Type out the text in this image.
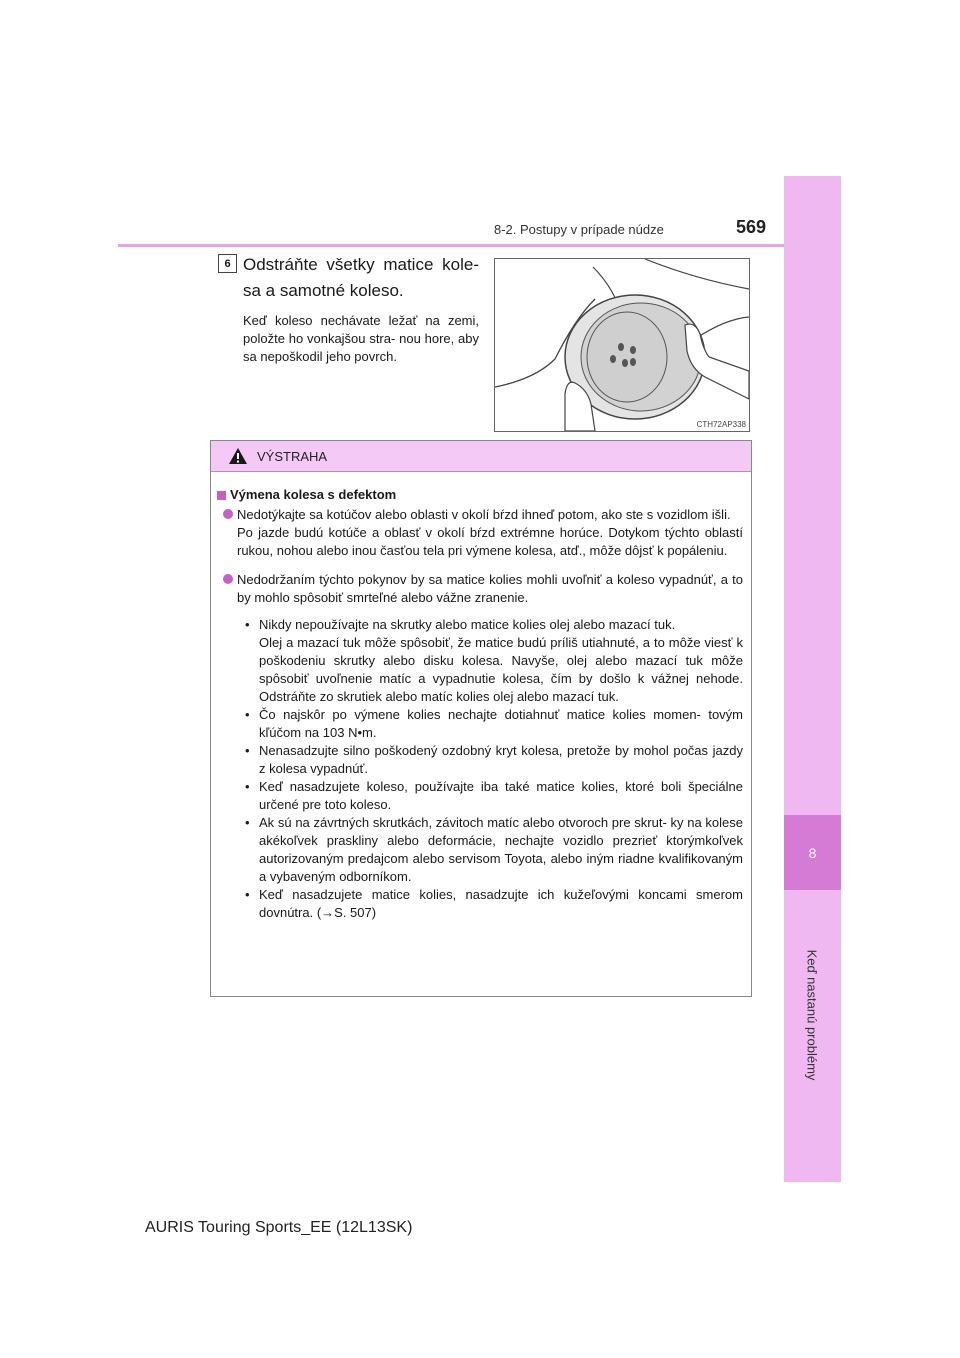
8
Keď nastanú problémy
8-2. Postupy v prípade núdze	569
6 Odstráňte všetky matice kole-
sa a samotné koleso.
Keď koleso nechávate ležať na zemi, položte ho vonkajšou stra- nou hore, aby sa nepoškodil jeho povrch.
CTH72AP338
VÝSTRAHA
Výmena kolesa s defektom
Nedotýkajte sa kotúčov alebo oblasti v okolí bŕzd ihneď potom, ako ste s vozidlom išli.
Po jazde budú kotúče a oblasť v okolí bŕzd extrémne horúce. Dotykom týchto oblastí rukou, nohou alebo inou časťou tela pri výmene kolesa, atď., môže dôjsť k popáleniu.
Nedodržaním týchto pokynov by sa matice kolies mohli uvoľniť a koleso vypadnúť, a to by mohlo spôsobiť smrteľné alebo vážne zranenie.
• Nikdy nepoužívajte na skrutky alebo matice kolies olej alebo mazací tuk.
Olej a mazací tuk môže spôsobiť, že matice budú príliš utiahnuté, a to môže viesť k poškodeniu skrutky alebo disku kolesa. Navyše, olej alebo mazací tuk môže spôsobiť uvoľnenie matíc a vypadnutie kolesa, čím by došlo k vážnej nehode. Odstráňte zo skrutiek alebo matíc kolies olej alebo mazací tuk.
• Čo najskôr po výmene kolies nechajte dotiahnuť matice kolies momen- tovým kľúčom na 103 N•m.
• Nenasadzujte silno poškodený ozdobný kryt kolesa, pretože by mohol počas jazdy z kolesa vypadnúť.
• Keď nasadzujete koleso, používajte iba také matice kolies, ktoré boli špeciálne určené pre toto koleso.
• Ak sú na závrtných skrutkách, závitoch matíc alebo otvoroch pre skrut- ky na kolese akékoľvek praskliny alebo deformácie, nechajte vozidlo prezrieť ktorýmkoľvek autorizovaným predajcom alebo servisom Toyota, alebo iným riadne kvalifikovaným a vybaveným odborníkom.
• Keď nasadzujete matice kolies, nasadzujte ich kužeľovými koncami smerom dovnútra. (→S. 507)
AURIS Touring Sports_EE (12L13SK)
